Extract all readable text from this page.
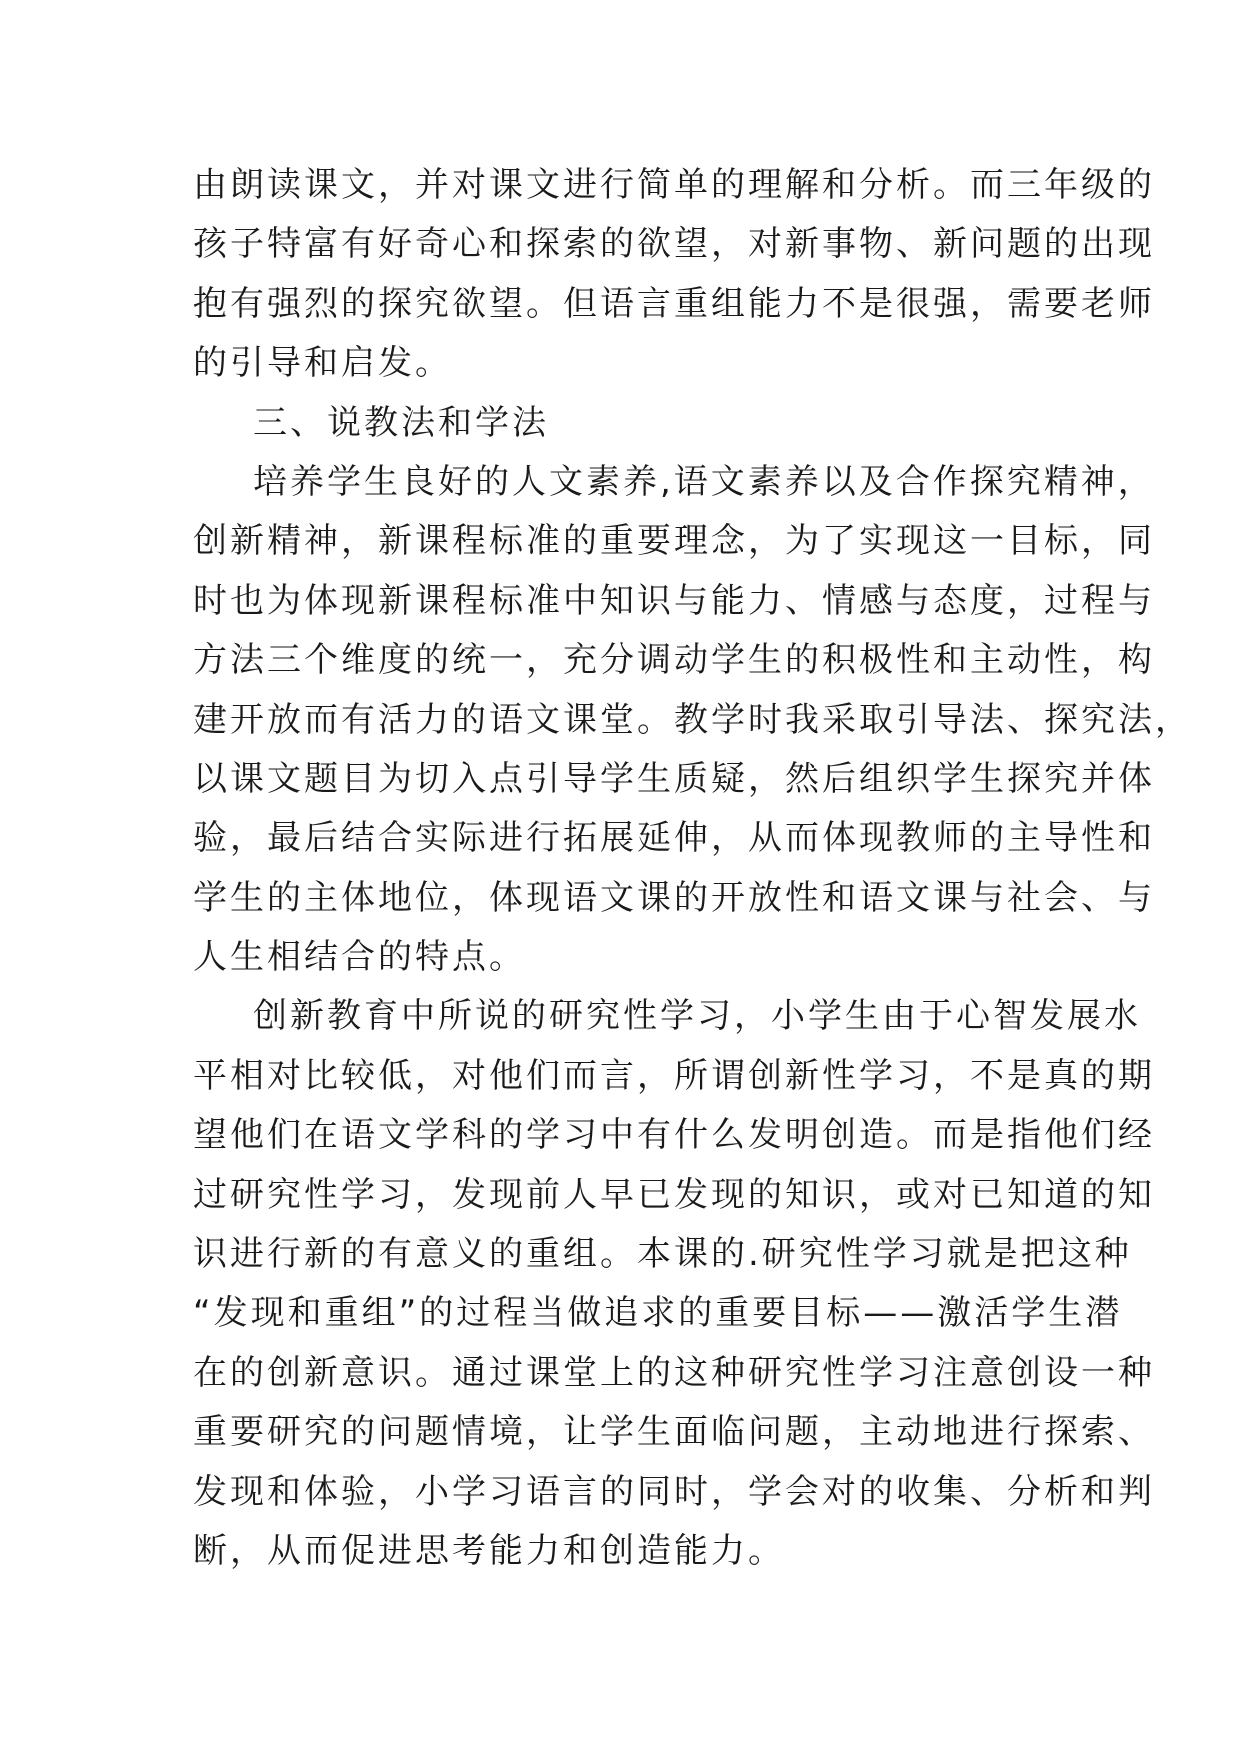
由朗读课文，并对课文进行简单的理解和分析。而三年级的
孩子特富有好奇心和探索的欲望，对新事物、新问题的出现
抱有强烈的探究欲望。但语言重组能力不是很强，需要老师
的引导和启发。
三、说教法和学法
培养学生良好的人文素养,语文素养以及合作探究精神，
创新精神，新课程标准的重要理念，为了实现这一目标，同
时也为体现新课程标准中知识与能力、情感与态度，过程与
方法三个维度的统一，充分调动学生的积极性和主动性，构
建开放而有活力的语文课堂。教学时我采取引导法、探究法，
以课文题目为切入点引导学生质疑，然后组织学生探究并体
验，最后结合实际进行拓展延伸，从而体现教师的主导性和
学生的主体地位，体现语文课的开放性和语文课与社会、与
人生相结合的特点。
创新教育中所说的研究性学习，小学生由于心智发展水
平相对比较低，对他们而言，所谓创新性学习，不是真的期
望他们在语文学科的学习中有什么发明创造。而是指他们经
过研究性学习，发现前人早已发现的知识，或对已知道的知
识进行新的有意义的重组。本课的.研究性学习就是把这种
“发现和重组”的过程当做追求的重要目标——激活学生潜
在的创新意识。通过课堂上的这种研究性学习注意创设一种
重要研究的问题情境，让学生面临问题，主动地进行探索、
发现和体验，小学习语言的同时，学会对的收集、分析和判
断，从而促进思考能力和创造能力。
